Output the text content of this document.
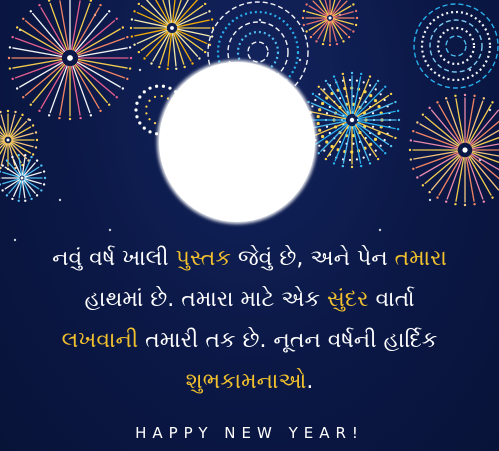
નવું વર્ષ ખાલી પુસ્તક જેવું છે, અને પેન તમારા
હાથમાં છે. તમારા માટે એક સુંદર વાર્તા
લખવાની તમારી તક છે. નૂતન વર્ષની હાર્દિક
શુભકામનાઓ.
HAPPY NEW YEAR!
